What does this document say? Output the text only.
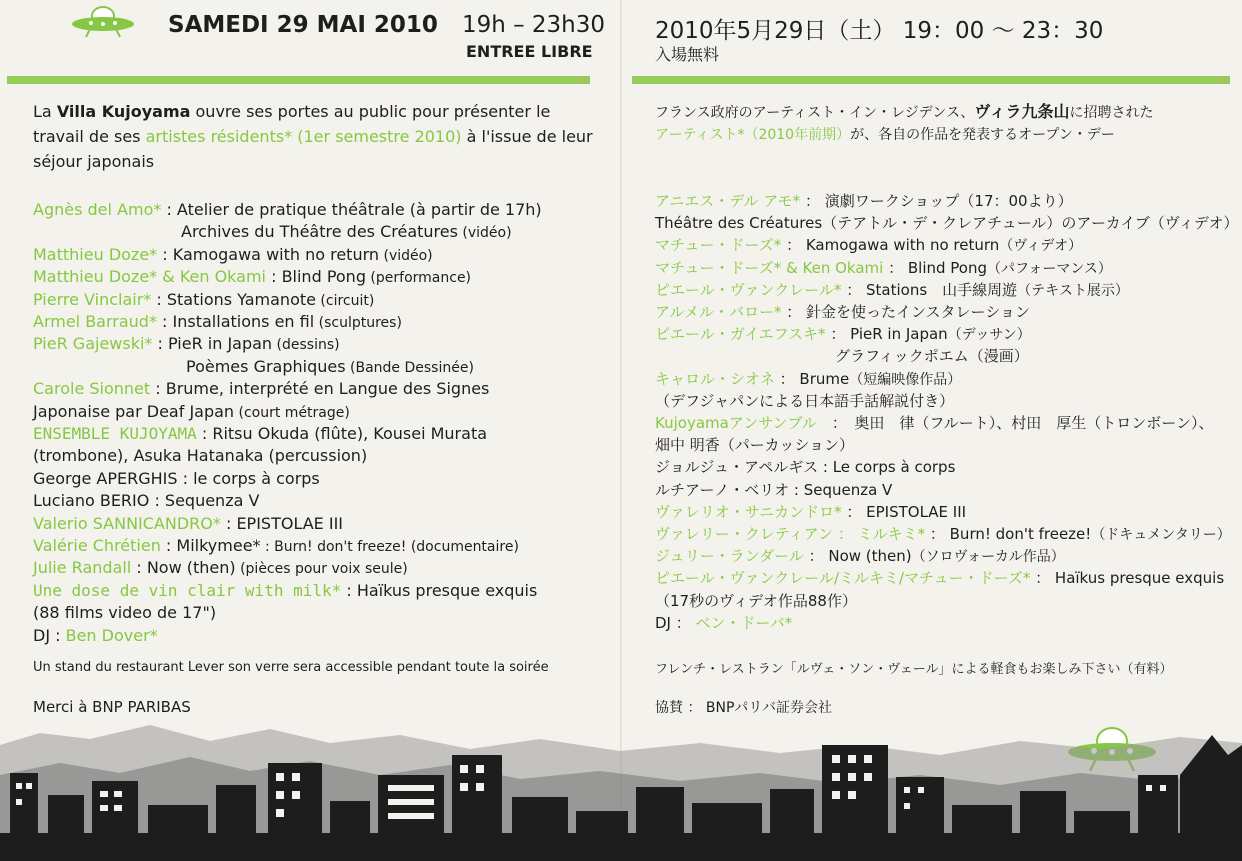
SAMEDI 29 MAI 2010 19h – 23h30
ENTREE LIBRE
La Villa Kujoyama ouvre ses portes au public pour présenter le travail de ses artistes résidents* (1er semestre 2010) à l'issue de leur séjour japonais
Agnès del Amo* : Atelier de pratique théâtrale (à partir de 17h)
Archives du Théâtre des Créatures (vidéo)
Matthieu Doze* : Kamogawa with no return (vidéo)
Matthieu Doze* & Ken Okami : Blind Pong (performance)
Pierre Vinclair* : Stations Yamanote (circuit)
Armel Barraud* : Installations en fil (sculptures)
PieR Gajewski* : PieR in Japan (dessins)
Poèmes Graphiques (Bande Dessinée)
Carole Sionnet : Brume, interprété en Langue des Signes
Japonaise par Deaf Japan (court métrage)
ENSEMBLE KUJOYAMA : Ritsu Okuda (flûte), Kousei Murata
(trombone), Asuka Hatanaka (percussion)
George APERGHIS : le corps à corps
Luciano BERIO : Sequenza V
Valerio SANNICANDRO* : EPISTOLAE III
Valérie Chrétien : Milkymee* : Burn! don't freeze! (documentaire)
Julie Randall : Now (then) (pièces pour voix seule)
Une dose de vin clair with milk* : Haïkus presque exquis
(88 films video de 17")
DJ : Ben Dover*
Un stand du restaurant Lever son verre sera accessible pendant toute la soirée
Merci à BNP PARIBAS
2010年5月29日（土） 19：00 ～ 23：30
入場無料
フランス政府のアーティスト・イン・レジデンス、ヴィラ九条山に招聘された
アーティスト*（2010年前期）が、各自の作品を発表するオープン・デー
アニエス・デル アモ* ： 演劇ワークショップ（17：00より）
Théâtre des Créatures（テアトル・デ・クレアチュール）のアーカイブ（ヴィデオ）
マチュー・ドーズ* ： Kamogawa with no return（ヴィデオ）
マチュー・ドーズ* & Ken Okami ： Blind Pong（パフォーマンス）
ピエール・ヴァンクレール* ： Stations　山手線周遊（テキスト展示）
アルメル・バロー* ： 針金を使ったインスタレーション
ピエール・ガイエフスキ* ： PieR in Japan（デッサン）
グラフィックポエム（漫画）
キャロル・シオネ ： Brume（短編映像作品）
（デフジャパンによる日本語手話解説付き）
Kujoyamaアンサンブル　：　奥田　律（フルート）、村田　厚生（トロンボーン）、
畑中 明香（パーカッション）
ジョルジュ・アペルギス : Le corps à corps
ルチアーノ・ベリオ : Sequenza V
ヴァレリオ・サニカンドロ* ： EPISTOLAE III
ヴァレリー・クレティアン ： ミルキミ* ： Burn! don't freeze!（ドキュメンタリー）
ジュリー・ランダール ： Now (then)（ソロヴォーカル作品）
ピエール・ヴァンクレール/ミルキミ/マチュー・ドーズ* ： Haïkus presque exquis
（17秒のヴィデオ作品88作）
DJ ： ベン・ドーバ*
フレンチ・レストラン「ルヴェ・ソン・ヴェール」による軽食もお楽しみ下さい（有料）
協賛 ： BNPパリバ証券会社
